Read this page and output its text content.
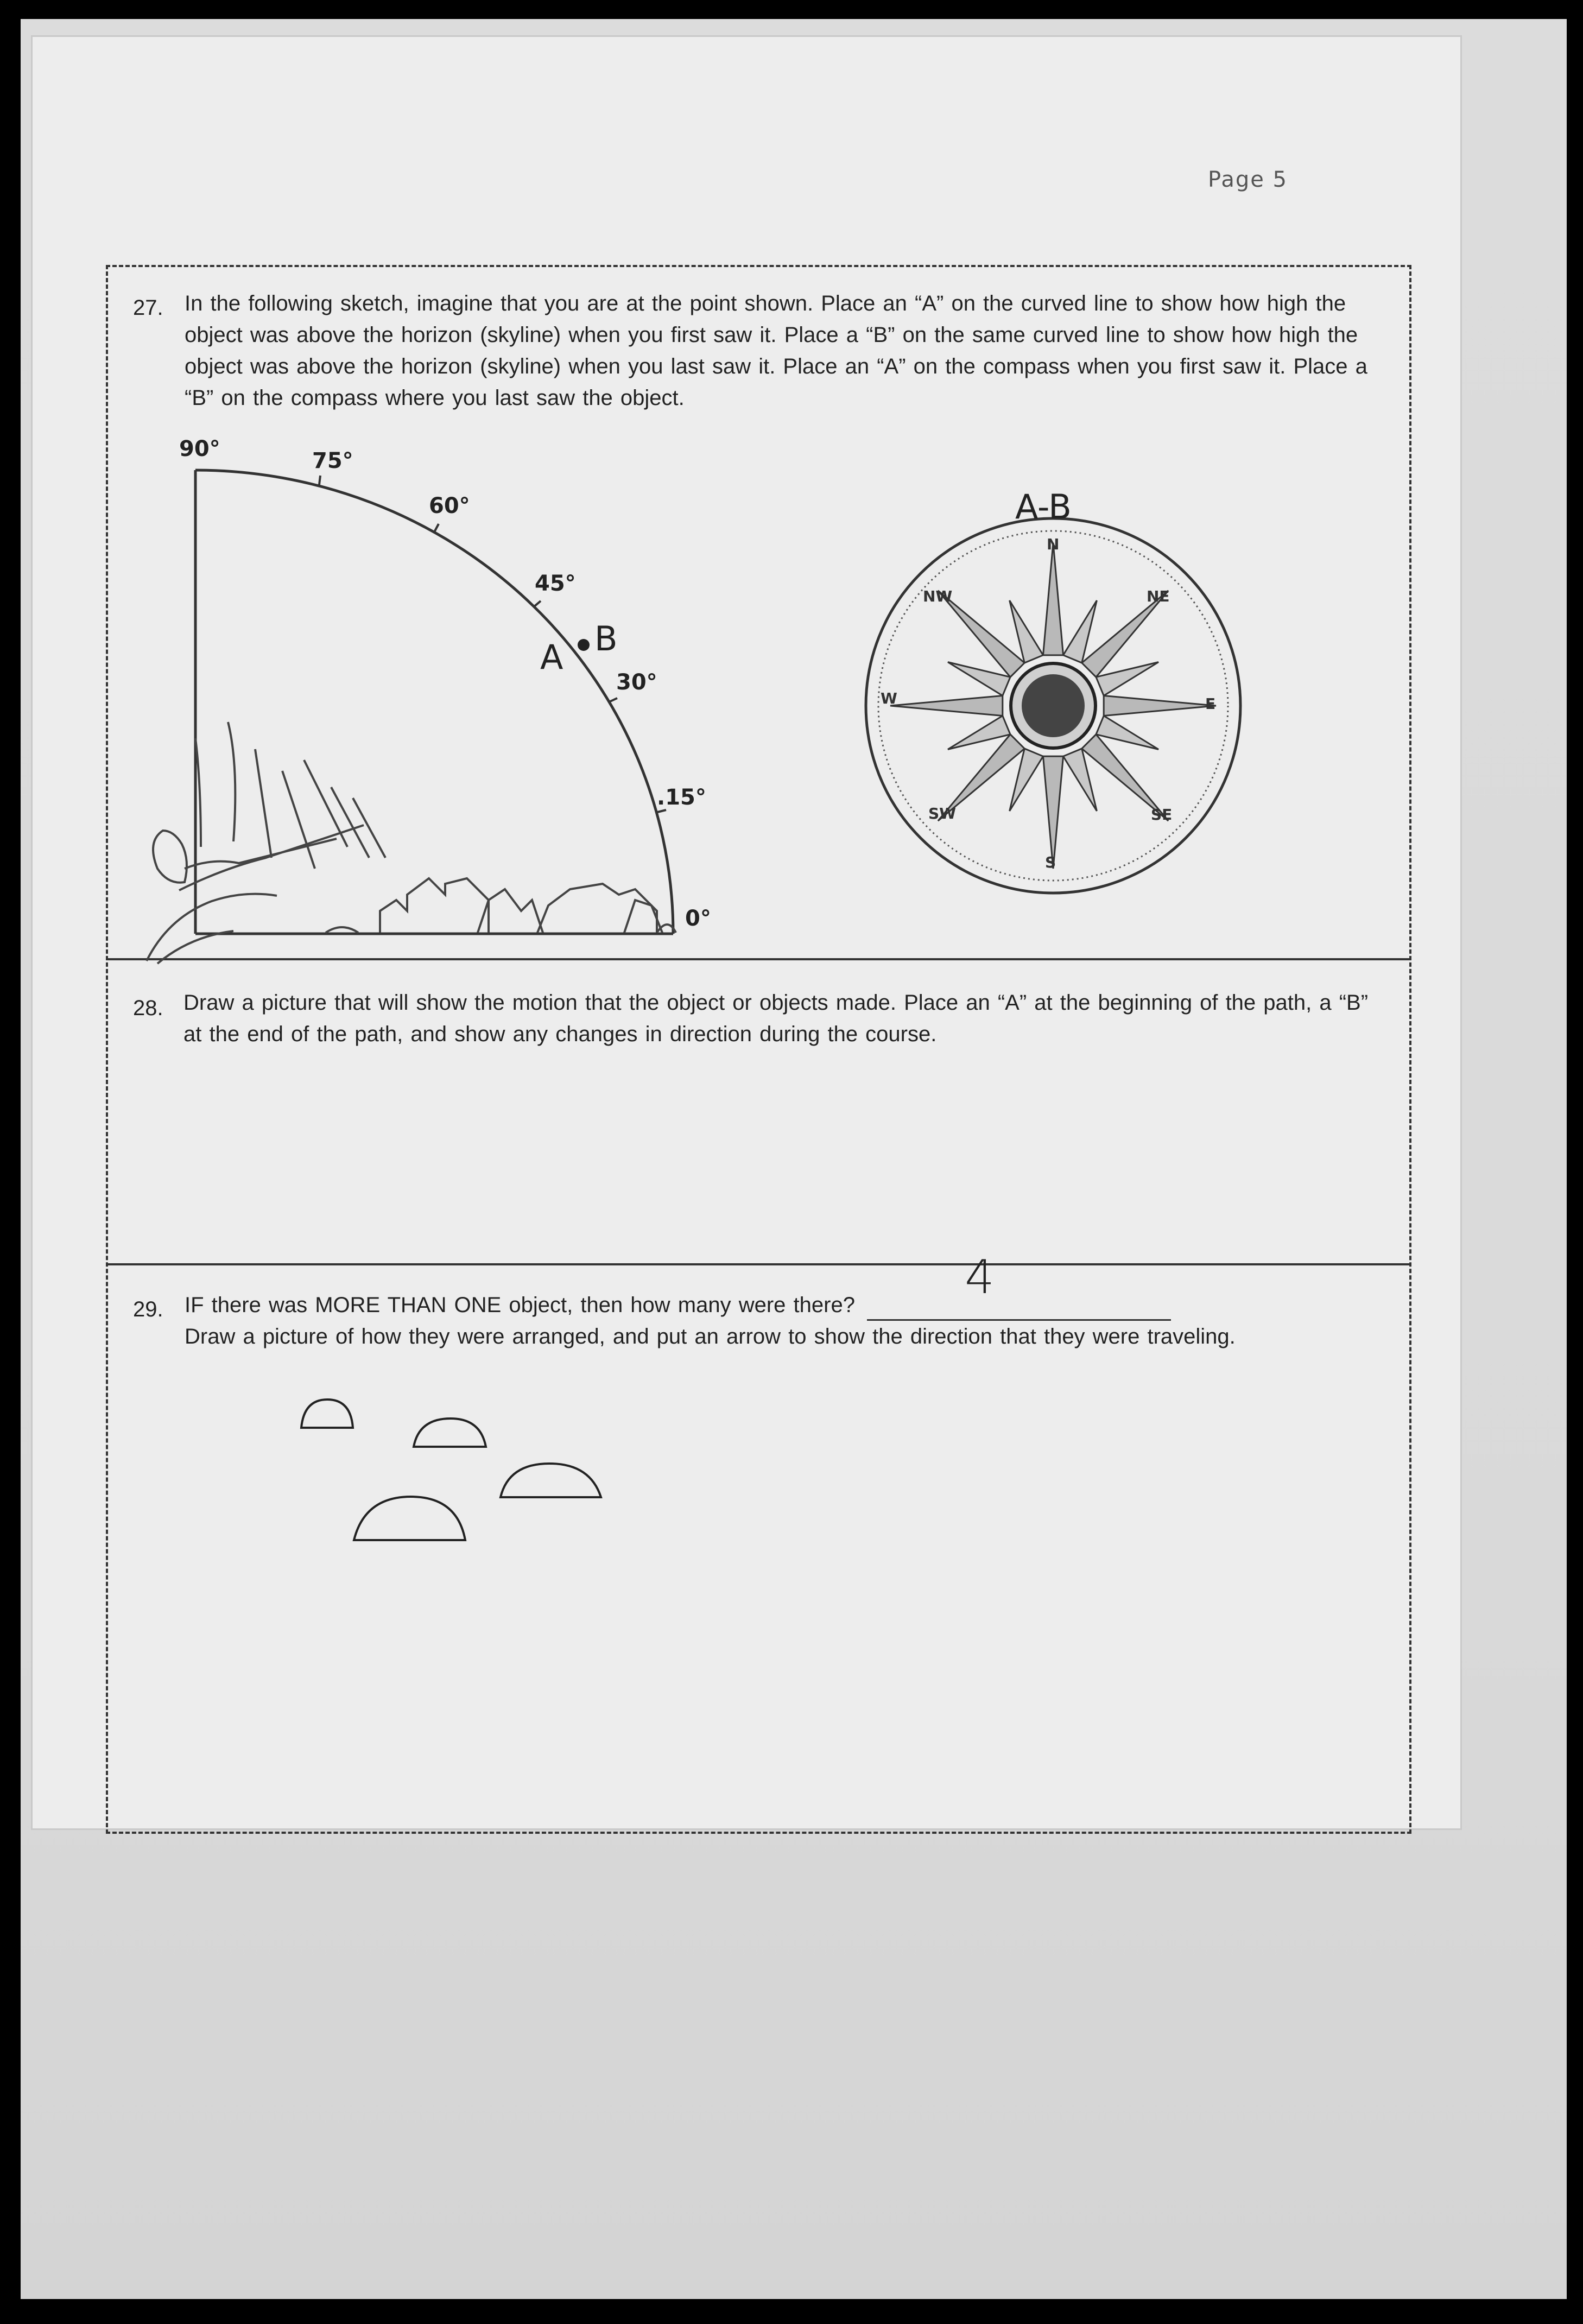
Page 5
27. In the following sketch, imagine that you are at the point shown. Place an “A” on the curved line to show how high the object was above the horizon (skyline) when you first saw it. Place a “B” on the same curved line to show how high the object was above the horizon (skyline) when you last saw it. Place an “A” on the compass when you first saw it. Place a “B” on the compass where you last saw the object.
28. Draw a picture that will show the motion that the object or objects made. Place an “A” at the beginning of the path, a “B” at the end of the path, and show any changes in direction during the course.
29. IF there was MORE THAN ONE object, then how many were there?
4

Draw a picture of how they were arranged, and put an arrow to show the direction that they were traveling.
90°	75°
60°
45°
30°
.15°
0°
A B
N
NE
E
SE
S
SW
W
NW
A-B
